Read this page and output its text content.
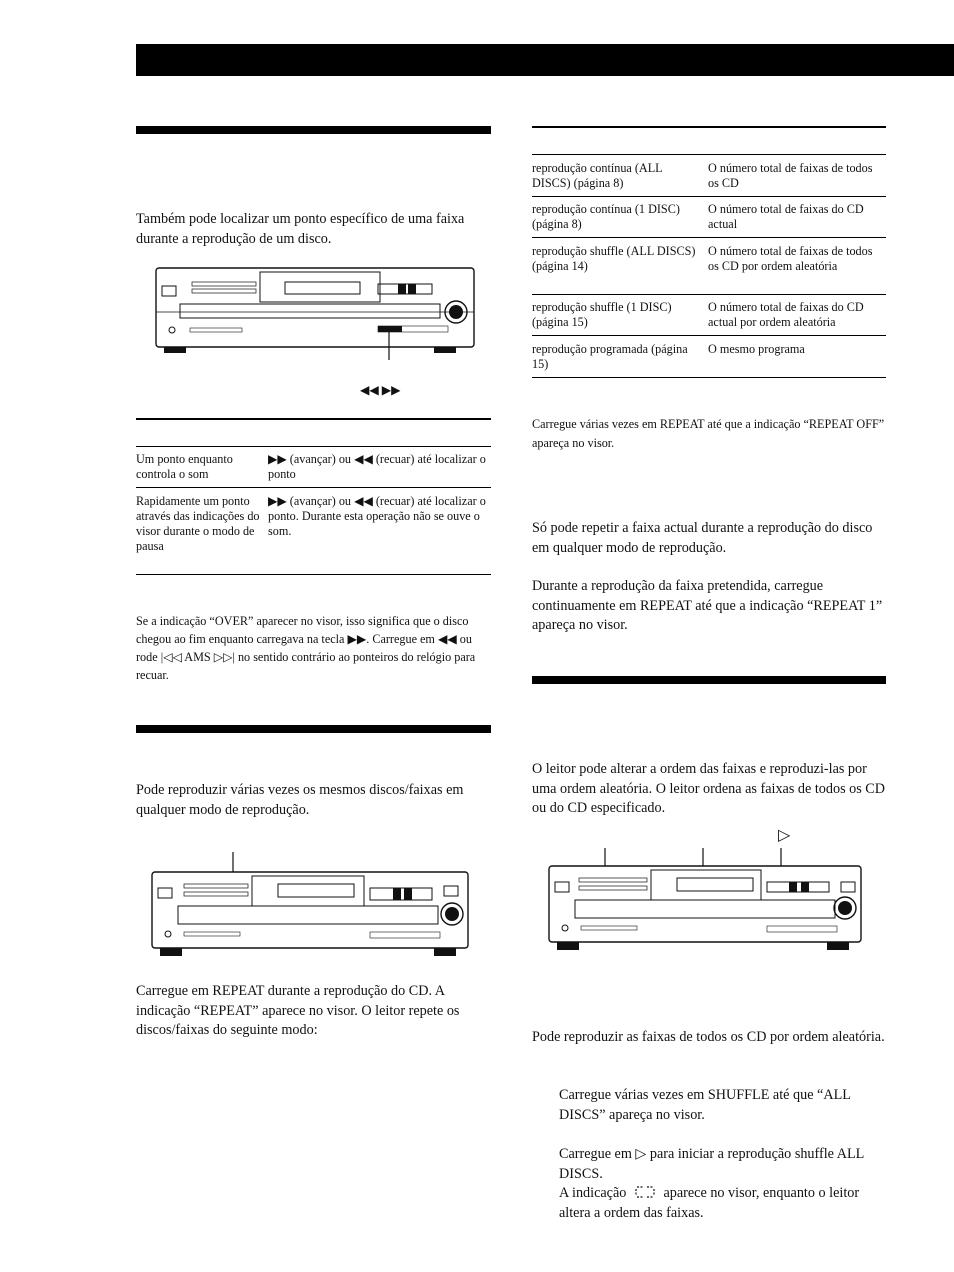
Também pode localizar um ponto específico de uma faixa durante a reprodução de um disco.
◀◀ ▶▶
Um ponto enquanto controla o som
▶▶ (avançar) ou ◀◀ (recuar) até localizar o ponto
Rapidamente um ponto através das indicações do visor durante o modo de pausa
▶▶ (avançar) ou ◀◀ (recuar) até localizar o ponto. Durante esta operação não se ouve o som.
Se a indicação “OVER” aparecer no visor, isso significa que o disco chegou ao fim enquanto carregava na tecla ▶▶. Carregue em ◀◀ ou rode |◁◁ AMS ▷▷| no sentido contrário ao ponteiros do relógio para recuar.
Pode reproduzir várias vezes os mesmos discos/faixas em qualquer modo de reprodução.
Carregue em REPEAT durante a reprodução do CD. A indicação “REPEAT” aparece no visor. O leitor repete os discos/faixas do seguinte modo:
reprodução contínua (ALL DISCS) (página 8)
O número total de faixas de todos os CD
reprodução contínua (1 DISC) (página 8)
O número total de faixas do CD actual
reprodução shuffle (ALL DISCS) (página 14)
O número total de faixas de todos os CD por ordem aleatória
reprodução shuffle (1 DISC) (página 15)
O número total de faixas do CD actual por ordem aleatória
reprodução programada (página 15)
O mesmo programa
Carregue várias vezes em REPEAT até que a indicação “REPEAT OFF” apareça no visor.
Só pode repetir a faixa actual durante a reprodução do disco em qualquer modo de reprodução.
Durante a reprodução da faixa pretendida, carregue continuamente em REPEAT até que a indicação “REPEAT 1” apareça no visor.
O leitor pode alterar a ordem das faixas e reproduzi-las por uma ordem aleatória. O leitor ordena as faixas de todos os CD ou do CD especificado.
▷
Pode reproduzir as faixas de todos os CD por ordem aleatória.
Carregue várias vezes em SHUFFLE até que “ALL DISCS” apareça no visor.
Carregue em ▷ para iniciar a reprodução shuffle ALL DISCS.
A indicação	aparece no visor, enquanto o leitor altera a ordem das faixas.
